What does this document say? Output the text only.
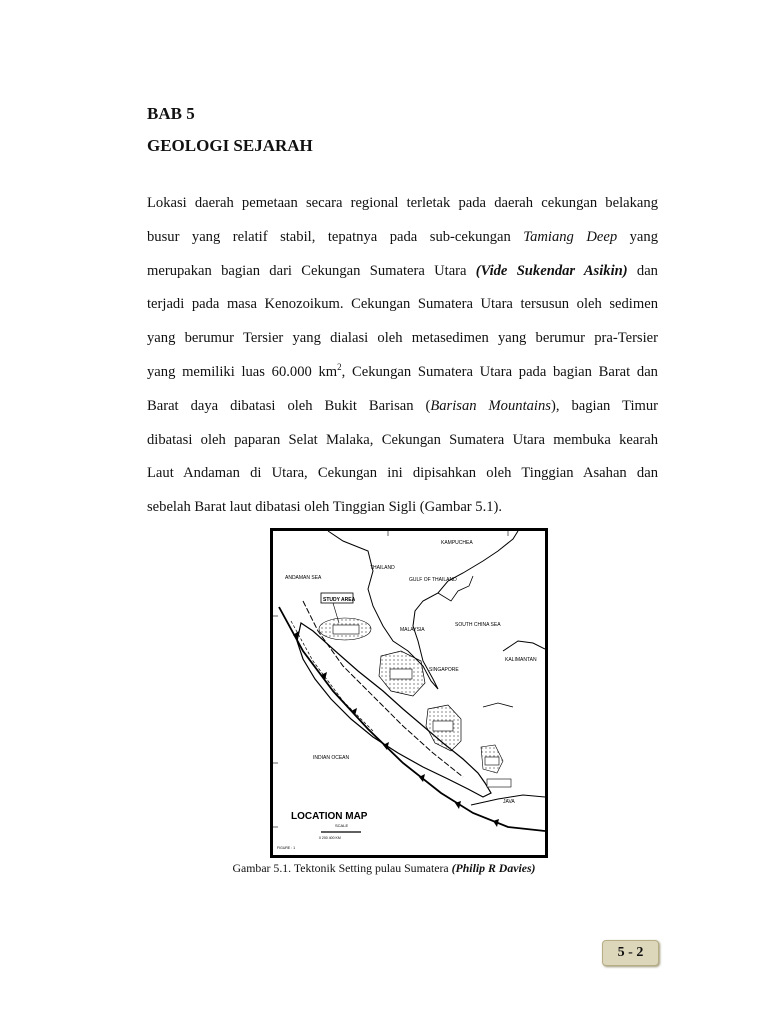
BAB 5
GEOLOGI SEJARAH
Lokasi daerah pemetaan secara regional terletak pada daerah cekungan belakang
busur yang relatif stabil, tepatnya pada sub-cekungan Tamiang Deep yang
merupakan bagian dari Cekungan Sumatera Utara (Vide Sukendar Asikin) dan
terjadi pada masa Kenozoikum. Cekungan Sumatera Utara tersusun oleh sedimen
yang berumur Tersier yang dialasi oleh metasedimen yang berumur pra-Tersier
yang memiliki luas 60.000 $km^2$, Cekungan Sumatera Utara pada bagian Barat dan
Barat daya dibatasi oleh Bukit Barisan (Barisan Mountains), bagian Timur
dibatasi oleh paparan Selat Malaka, Cekungan Sumatera Utara membuka kearah
Laut Andaman di Utara, Cekungan ini dipisahkan oleh Tinggian Asahan dan
sebelah Barat laut dibatasi oleh Tinggian Sigli (Gambar 5.1).
KAMPUCHEA
ANDAMAN SEA
THAILAND
GULF OF THAILAND
STUDY AREA
MALAYSIA
SOUTH CHINA SEA
SINGAPORE
KALIMANTAN
INDIAN OCEAN
JAVA
LOCATION MAP
SCALE
0 200 400 KM
FIGURE : 1
Gambar 5.1. Tektonik Setting pulau Sumatera (Philip R Davies)
5 - 2
